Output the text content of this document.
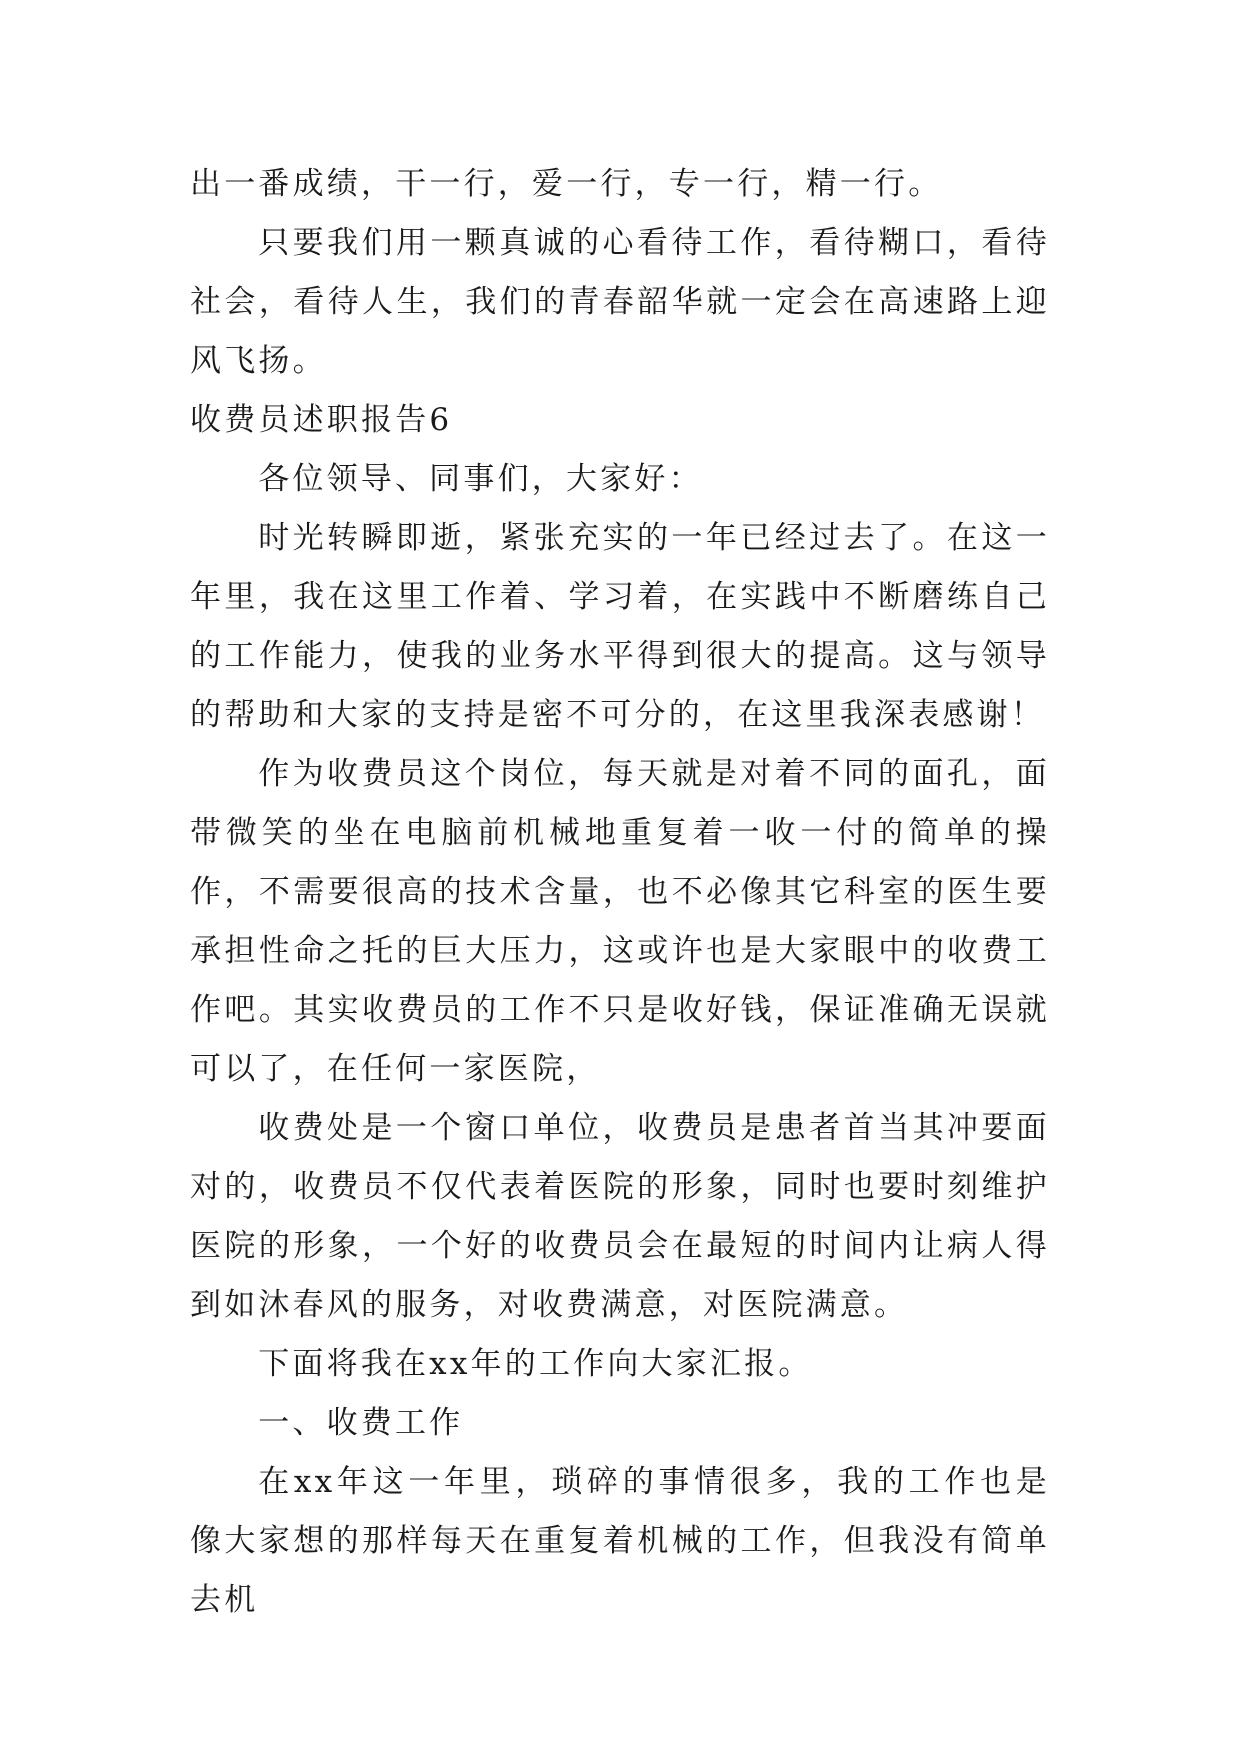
出一番成绩，干一行，爱一行，专一行，精一行。

只要我们用一颗真诚的心看待工作，看待糊口，看待社会，看待人生，我们的青春韶华就一定会在高速路上迎风飞扬。

收费员述职报告6

各位领导、同事们，大家好：

时光转瞬即逝，紧张充实的一年已经过去了。在这一年里，我在这里工作着、学习着，在实践中不断磨练自己的工作能力，使我的业务水平得到很大的提高。这与领导的帮助和大家的支持是密不可分的，在这里我深表感谢！

作为收费员这个岗位，每天就是对着不同的面孔，面带微笑的坐在电脑前机械地重复着一收一付的简单的操作，不需要很高的技术含量，也不必像其它科室的医生要承担性命之托的巨大压力，这或许也是大家眼中的收费工作吧。其实收费员的工作不只是收好钱，保证准确无误就可以了，在任何一家医院，

收费处是一个窗口单位，收费员是患者首当其冲要面对的，收费员不仅代表着医院的形象，同时也要时刻维护医院的形象，一个好的收费员会在最短的时间内让病人得到如沐春风的服务，对收费满意，对医院满意。

下面将我在xx年的工作向大家汇报。

一、收费工作

在xx年这一年里，琐碎的事情很多，我的工作也是像大家想的那样每天在重复着机械的工作，但我没有简单去机
